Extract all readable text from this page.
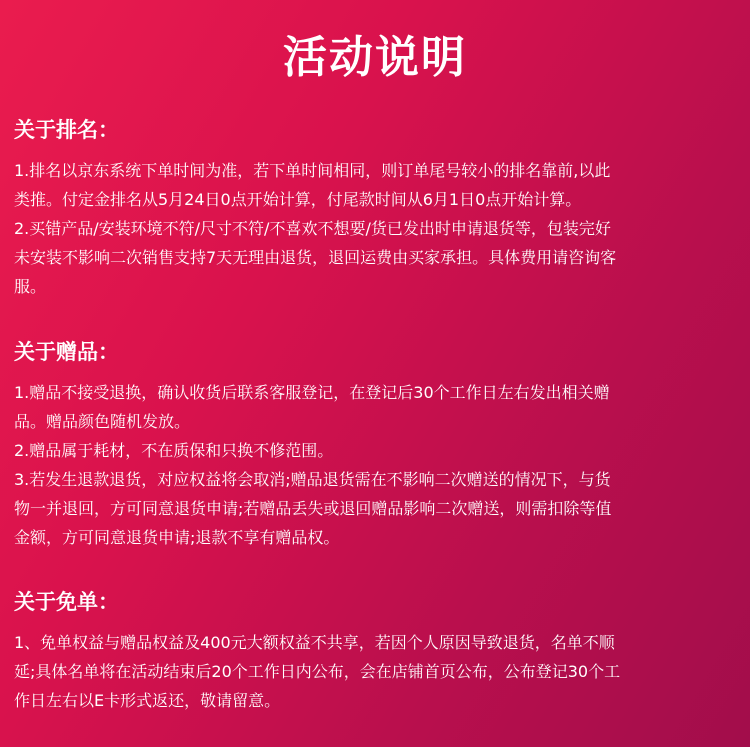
活动说明
关于排名：
1.排名以京东系统下单时间为准，若下单时间相同，则订单尾号较小的排名靠前,以此
类推。付定金排名从5月24日0点开始计算，付尾款时间从6月1日0点开始计算。
2.买错产品/安装环境不符/尺寸不符/不喜欢不想要/货已发出时申请退货等，包装完好
未安装不影响二次销售支持7天无理由退货，退回运费由买家承担。具体费用请咨询客
服。
关于赠品：
1.赠品不接受退换，确认收货后联系客服登记，在登记后30个工作日左右发出相关赠
品。赠品颜色随机发放。
2.赠品属于耗材，不在质保和只换不修范围。
3.若发生退款退货，对应权益将会取消;赠品退货需在不影响二次赠送的情况下，与货
物一并退回，方可同意退货申请;若赠品丢失或退回赠品影响二次赠送，则需扣除等值
金额，方可同意退货申请;退款不享有赠品权。
关于免单：
1、免单权益与赠品权益及400元大额权益不共享，若因个人原因导致退货，名单不顺
延;具体名单将在活动结束后20个工作日内公布，会在店铺首页公布，公布登记30个工
作日左右以E卡形式返还，敬请留意。
